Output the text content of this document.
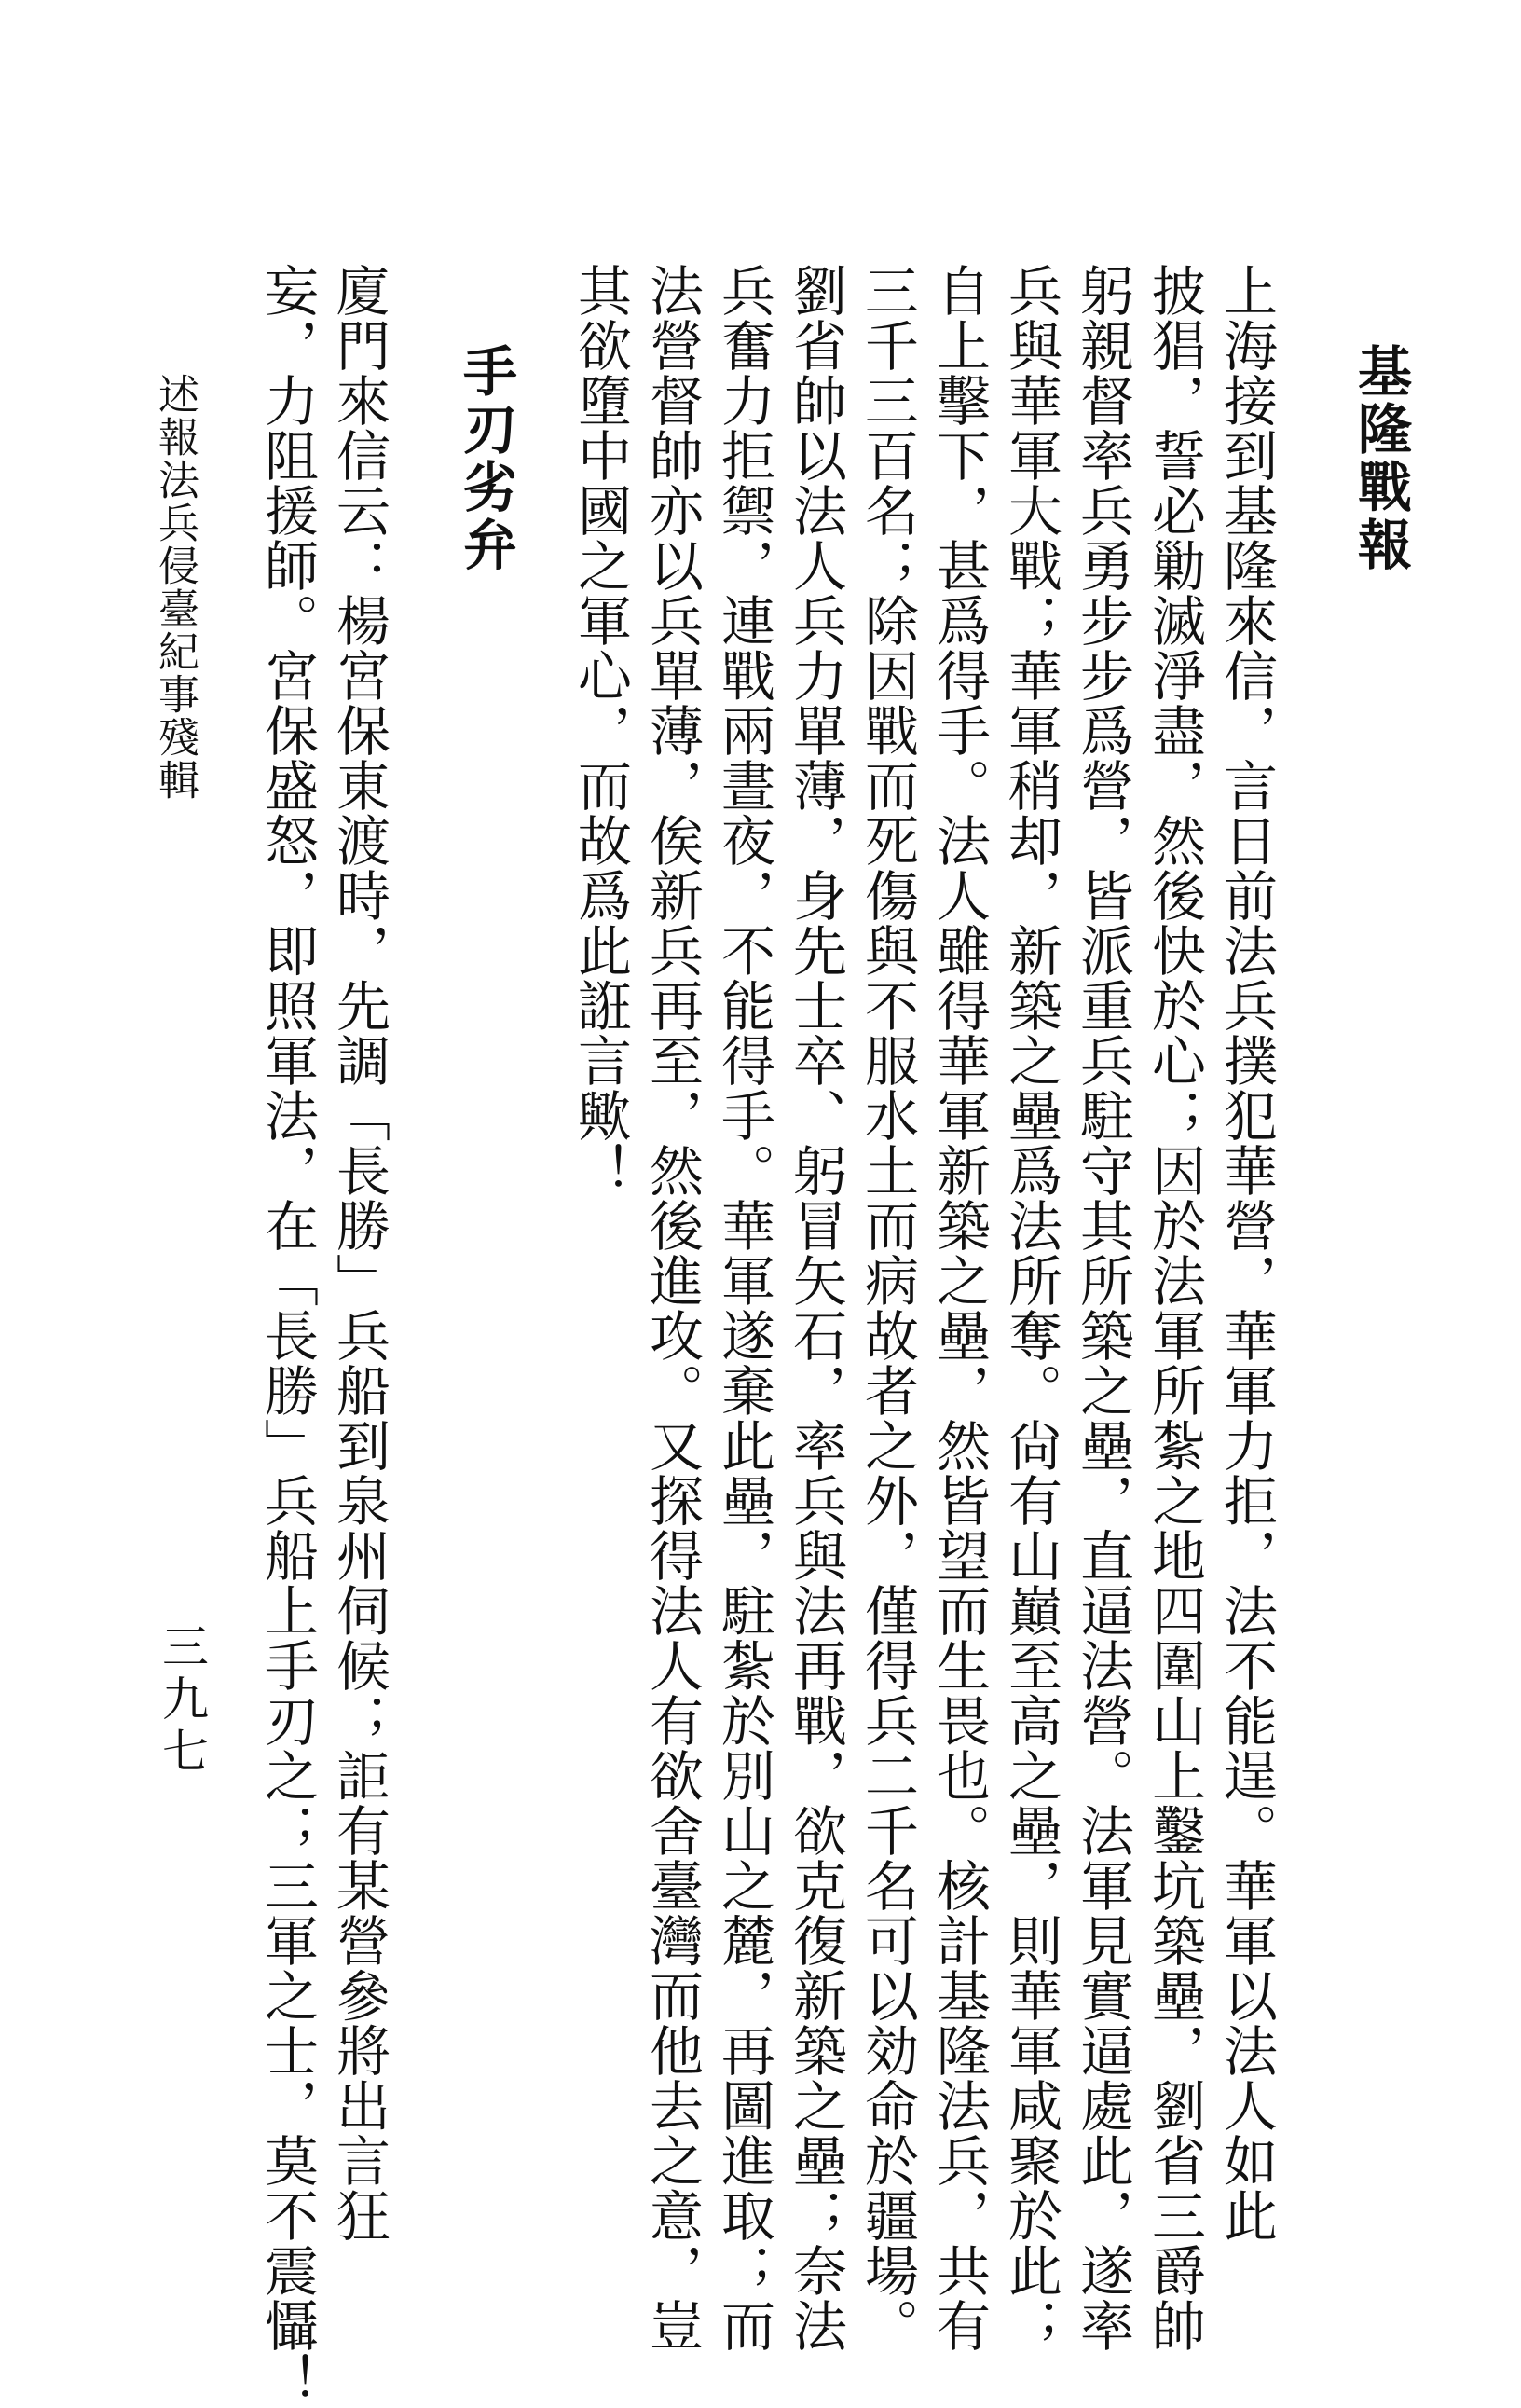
基隆戰報
上海接到基隆來信，言日前法兵撲犯華營，華軍力拒，法不能逞。華軍以法人如此
披猖，誓必勦滅淨盡，然後快於心；因於法軍所紮之地四圍山上鑿坑築壘，劉省三爵帥
躬親督率兵勇步步爲營，皆派重兵駐守其所築之壘，直逼法營。法軍見實逼處此，遂率
兵與華軍大戰；華軍稍却，新築之壘爲法所奪。尙有山巔至高之壘，則華軍咸聚於此；
自上擊下，甚爲得手。法人雖得華軍新築之壘，然皆望而生畏也。核計基隆法兵，共有
三千三百名；除因戰而死傷與不服水土而病故者之外，僅得兵二千名可以効命於疆場。
劉省帥以法人兵力單薄，身先士卒、躬冒矢石，率兵與法再戰，欲克復新築之壘；奈法
兵奮力拒禦，連戰兩晝夜，不能得手。華軍遂棄此壘，駐紮於別山之麓，再圖進取；而
法營督帥亦以兵單薄，俟新兵再至，然後進攻。又探得法人有欲舍臺灣而他去之意，豈
其欲墮中國之軍心，而故爲此誑言歟！
手刃劣弁
廈門來信云：楊宮保東渡時，先調「長勝」兵船到泉州伺候；詎有某營參將出言狂
妄，力阻援師。宮保盛怒，即照軍法，在「長勝」兵船上手刃之；三軍之士，莫不震懾！
述報法兵侵臺紀事殘輯
三九七
